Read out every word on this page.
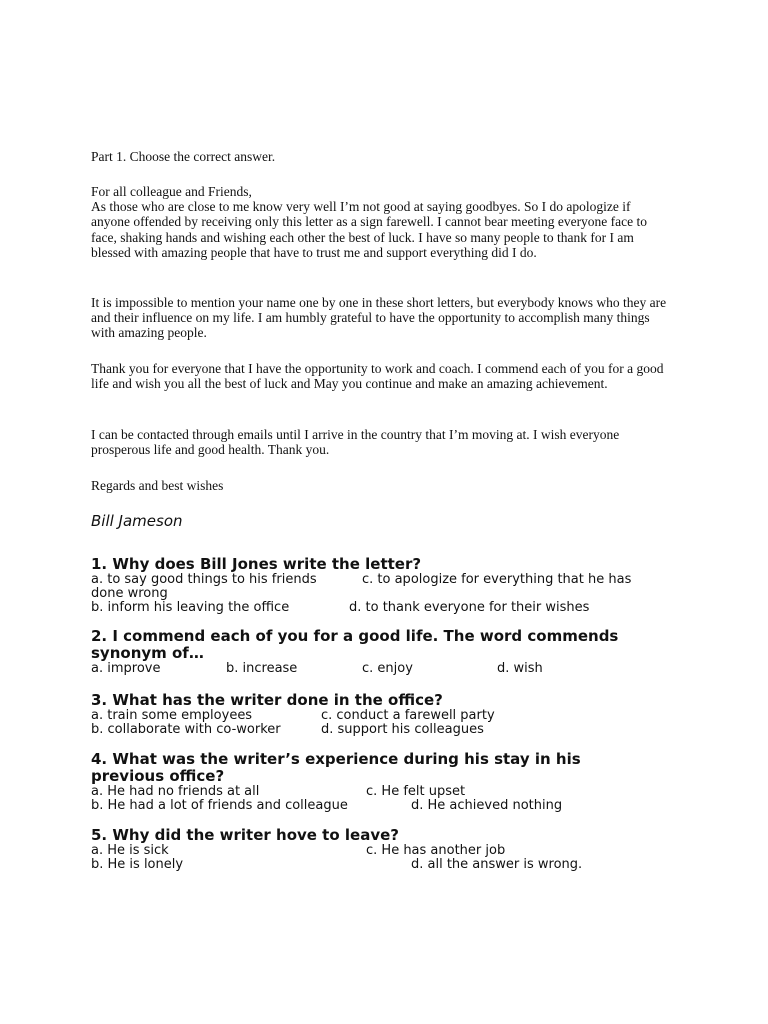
Part 1. Choose the correct answer.

For all colleague and Friends,
As those who are close to me know very well I’m not good at saying goodbyes. So I do apologize if anyone offended by receiving only this letter as a sign farewell. I cannot bear meeting everyone face to face, shaking hands and wishing each other the best of luck. I have so many people to thank for I am blessed with amazing people that have to trust me and support everything did I do.

It is impossible to mention your name one by one in these short letters, but everybody knows who they are and their influence on my life. I am humbly grateful to have the opportunity to accomplish many things with amazing people.

Thank you for everyone that I have the opportunity to work and coach. I commend each of you for a good life and wish you all the best of luck and May you continue and make an amazing achievement.

I can be contacted through emails until I arrive in the country that I’m moving at. I wish everyone prosperous life and good health. Thank you.

Regards and best wishes

Bill Jameson

1. Why does Bill Jones write the letter?

a. to say good things to his friends	c. to apologize for everything that he has
done wrong
b. inform his leaving the office	d. to thank everyone for their wishes

2. I commend each of you for a good life. The word commends synonym of…

a. improve	b. increase	c. enjoy	d. wish

3. What has the writer done in the office?

a. train some employees	c. conduct a farewell party
b. collaborate with co-worker	d. support his colleagues

4. What was the writer’s experience during his stay in his previous office?

a. He had no friends at all	c. He felt upset
b. He had a lot of friends and colleague	d. He achieved nothing

5. Why did the writer hove to leave?

a. He is sick	c. He has another job
b. He is lonely	d. all the answer is wrong.
